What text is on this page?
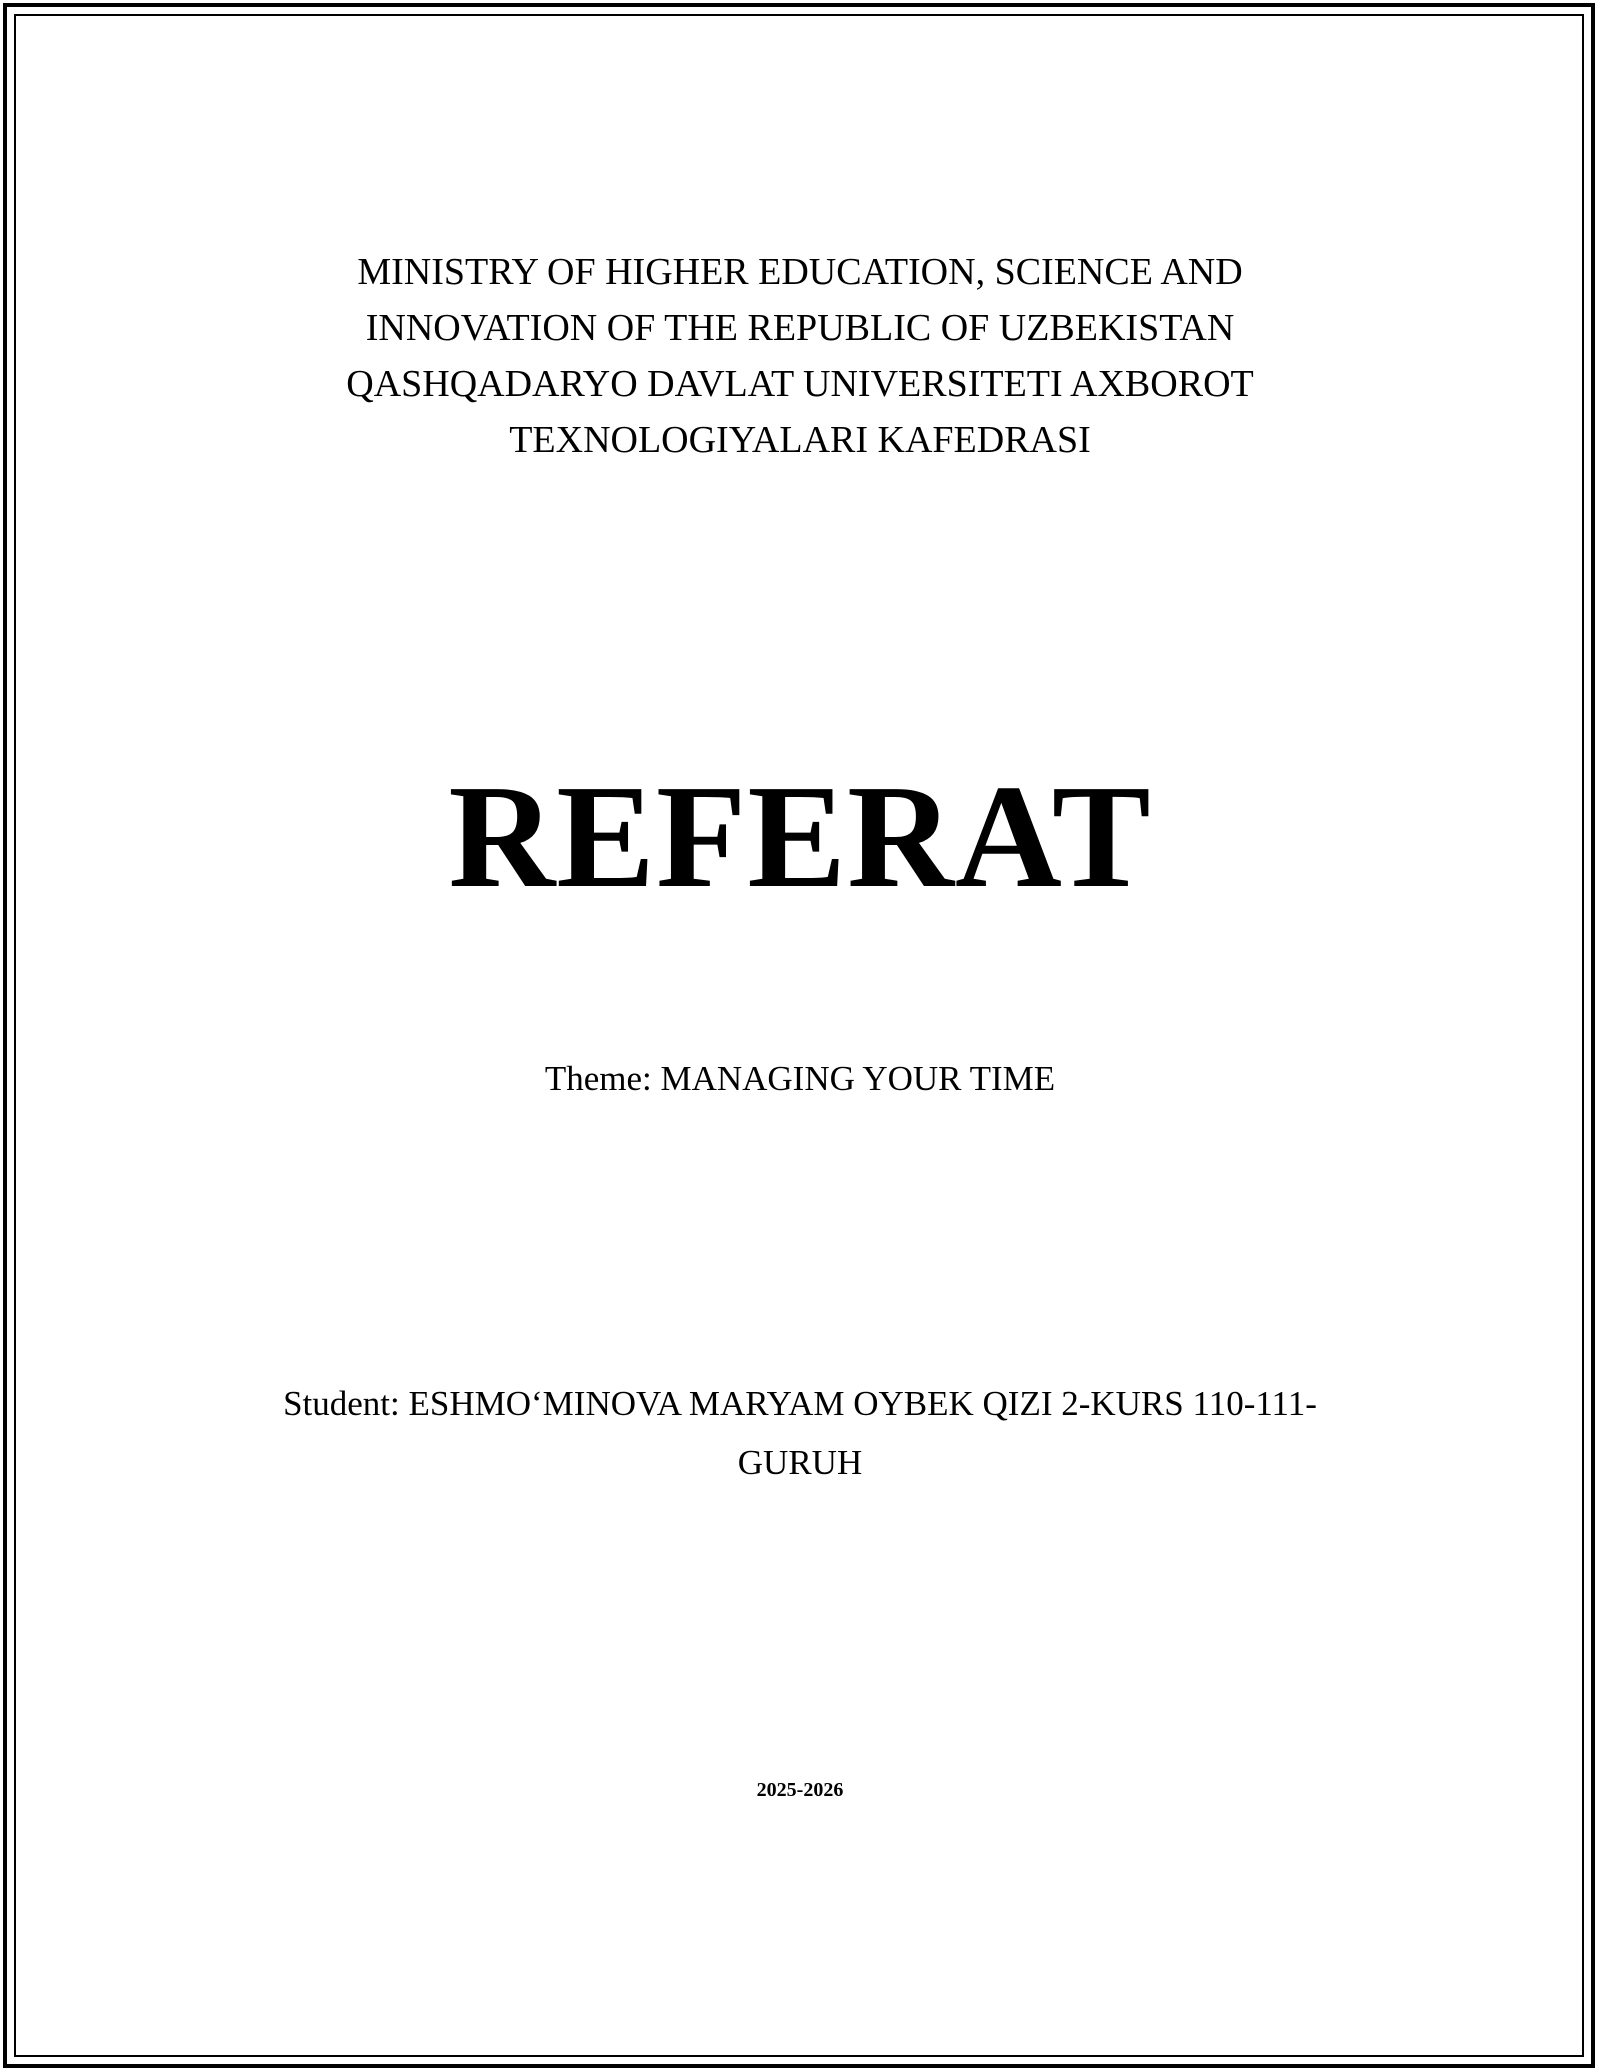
MINISTRY OF HIGHER EDUCATION, SCIENCE AND
INNOVATION OF THE REPUBLIC OF UZBEKISTAN
QASHQADARYO DAVLAT UNIVERSITETI AXBOROT
TEXNOLOGIYALARI KAFEDRASI
REFERAT
Theme: MANAGING YOUR TIME
Student: ESHMO‘MINOVA MARYAM OYBEK QIZI 2-KURS 110-111-
GURUH
2025-2026
